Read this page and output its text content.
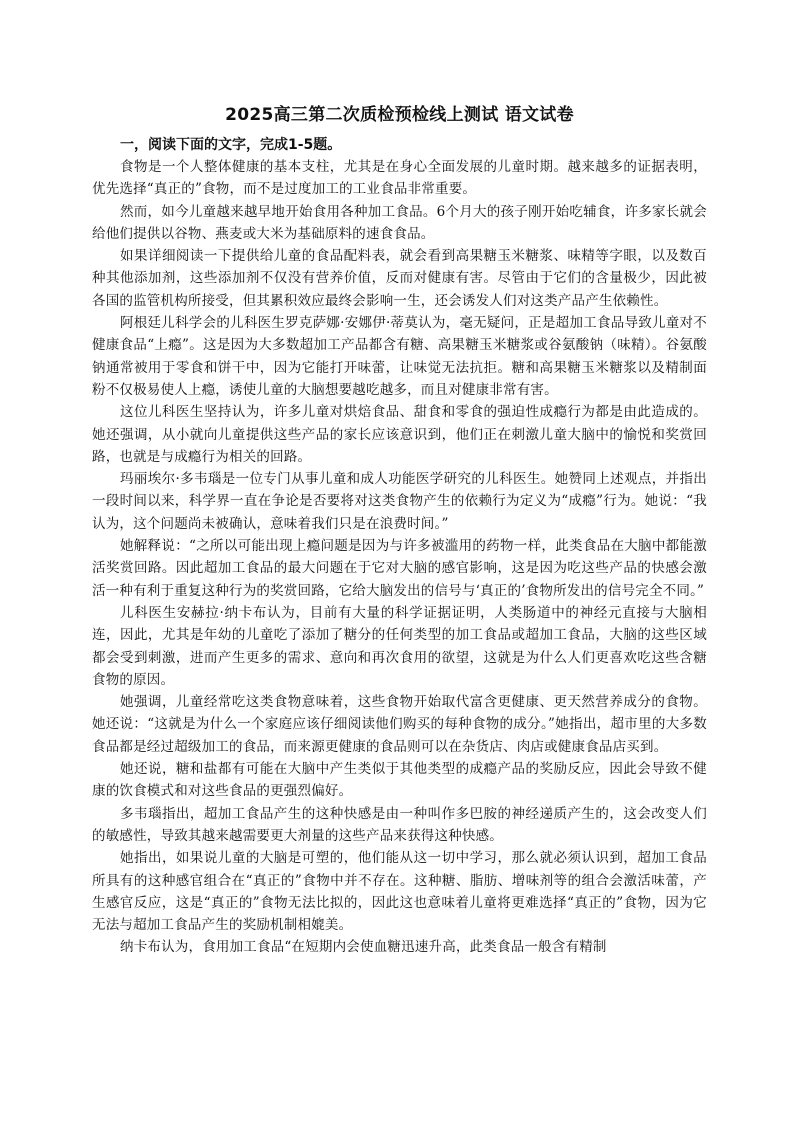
2025高三第二次质检预检线上测试 语文试卷
一，阅读下面的文字，完成1-5题。

食物是一个人整体健康的基本支柱，尤其是在身心全面发展的儿童时期。越来越多的证据表明，优先选择“真正的”食物，而不是过度加工的工业食品非常重要。

然而，如今儿童越来越早地开始食用各种加工食品。6个月大的孩子刚开始吃辅食，许多家长就会给他们提供以谷物、燕麦或大米为基础原料的速食食品。

如果详细阅读一下提供给儿童的食品配料表，就会看到高果糖玉米糖浆、味精等字眼，以及数百种其他添加剂，这些添加剂不仅没有营养价值，反而对健康有害。尽管由于它们的含量极少，因此被各国的监管机构所接受，但其累积效应最终会影响一生，还会诱发人们对这类产品产生依赖性。

阿根廷儿科学会的儿科医生罗克萨娜·安娜伊·蒂莫认为，毫无疑问，正是超加工食品导致儿童对不健康食品“上瘾”。这是因为大多数超加工产品都含有糖、高果糖玉米糖浆或谷氨酸钠（味精）。谷氨酸钠通常被用于零食和饼干中，因为它能打开味蕾，让味觉无法抗拒。糖和高果糖玉米糖浆以及精制面粉不仅极易使人上瘾，诱使儿童的大脑想要越吃越多，而且对健康非常有害。

这位儿科医生坚持认为，许多儿童对烘焙食品、甜食和零食的强迫性成瘾行为都是由此造成的。她还强调，从小就向儿童提供这些产品的家长应该意识到，他们正在刺激儿童大脑中的愉悦和奖赏回路，也就是与成瘾行为相关的回路。

玛丽埃尔·多韦瑙是一位专门从事儿童和成人功能医学研究的儿科医生。她赞同上述观点，并指出一段时间以来，科学界一直在争论是否要将对这类食物产生的依赖行为定义为“成瘾”行为。她说：“我认为，这个问题尚未被确认，意味着我们只是在浪费时间。”

她解释说：“之所以可能出现上瘾问题是因为与许多被滥用的药物一样，此类食品在大脑中都能激活奖赏回路。因此超加工食品的最大问题在于它对大脑的感官影响，这是因为吃这些产品的快感会激活一种有利于重复这种行为的奖赏回路，它给大脑发出的信号与‘真正的’食物所发出的信号完全不同。”

儿科医生安赫拉·纳卡布认为，目前有大量的科学证据证明，人类肠道中的神经元直接与大脑相连，因此，尤其是年幼的儿童吃了添加了糖分的任何类型的加工食品或超加工食品，大脑的这些区域都会受到刺激，进而产生更多的需求、意向和再次食用的欲望，这就是为什么人们更喜欢吃这些含糖食物的原因。

她强调，儿童经常吃这类食物意味着，这些食物开始取代富含更健康、更天然营养成分的食物。她还说：“这就是为什么一个家庭应该仔细阅读他们购买的每种食物的成分。”她指出，超市里的大多数食品都是经过超级加工的食品，而来源更健康的食品则可以在杂货店、肉店或健康食品店买到。

她还说，糖和盐都有可能在大脑中产生类似于其他类型的成瘾产品的奖励反应，因此会导致不健康的饮食模式和对这些食品的更强烈偏好。

多韦瑙指出，超加工食品产生的这种快感是由一种叫作多巴胺的神经递质产生的，这会改变人们的敏感性，导致其越来越需要更大剂量的这些产品来获得这种快感。

她指出，如果说儿童的大脑是可塑的，他们能从这一切中学习，那么就必须认识到，超加工食品所具有的这种感官组合在“真正的”食物中并不存在。这种糖、脂肪、增味剂等的组合会激活味蕾，产生感官反应，这是“真正的”食物无法比拟的，因此这也意味着儿童将更难选择“真正的”食物，因为它无法与超加工食品产生的奖励机制相媲美。

纳卡布认为，食用加工食品“在短期内会使血糖迅速升高，此类食品一般含有精制
